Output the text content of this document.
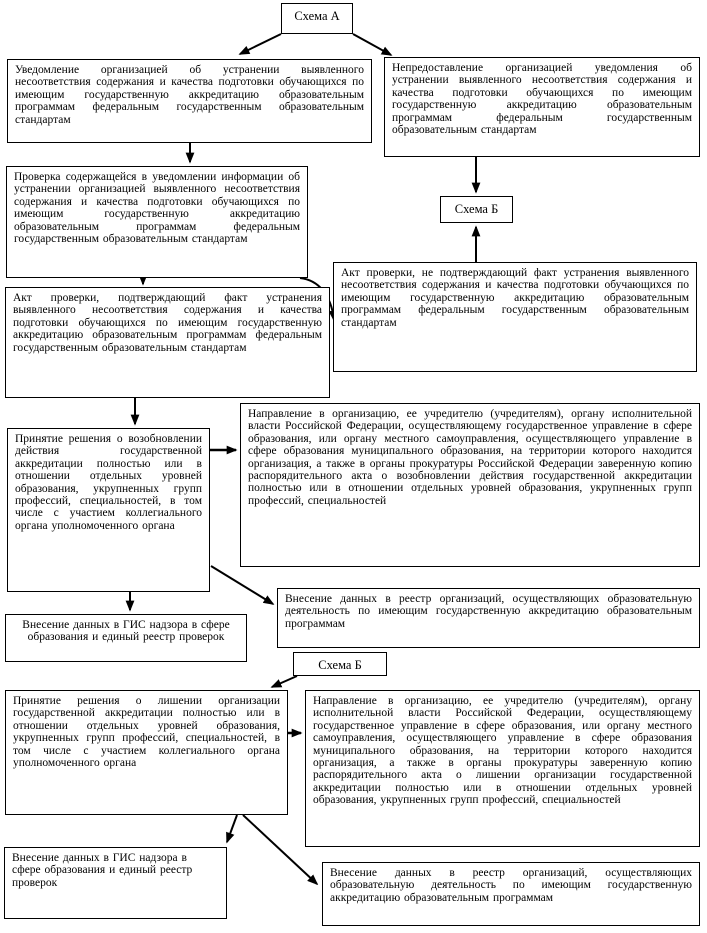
Схема А
Уведомление организацией об устранении выявленного несоответствия содержания и качества подготовки обучающихся по имеющим государственную аккредитацию образовательным программам федеральным государственным образовательным стандартам
Непредоставление организацией уведомления об устранении выявленного несоответствия содержания и качества подготовки обучающихся по имеющим государственную аккредитацию образовательным программам федеральным государственным образовательным стандартам
Проверка содержащейся в уведомлении информации об устранении организацией выявленного несоответствия содержания и качества подготовки обучающихся по имеющим государственную аккредитацию образовательным программам федеральным государственным образовательным стандартам
Схема Б
Акт проверки, не подтверждающий факт устранения выявленного несоответствия содержания и качества подготовки обучающихся по имеющим государственную аккредитацию образовательным программам федеральным государственным образовательным стандартам
Акт проверки, подтверждающий факт устранения выявленного несоответствия содержания и качества подготовки обучающихся по имеющим государственную аккредитацию образовательным программам федеральным государственным образовательным стандартам
Принятие решения о возобновлении действия государственной аккредитации полностью или в отношении отдельных уровней образования, укрупненных групп профессий, специальностей, в том числе с участием коллегиального органа уполномоченного органа
Направление в организацию, ее учредителю (учредителям), органу исполнительной власти Российской Федерации, осуществляющему государственное управление в сфере образования, или органу местного самоуправления, осуществляющего управление в сфере образования муниципального образования, на территории которого находится организация, а также в органы прокуратуры Российской Федерации заверенную копию распорядительного акта о возобновлении действия государственной аккредитации полностью или в отношении отдельных уровней образования, укрупненных групп профессий, специальностей
Внесение данных в ГИС надзора в сфере образования и единый реестр проверок
Внесение данных в реестр организаций, осуществляющих образовательную деятельность по имеющим государственную аккредитацию образовательным программам
Схема Б
Принятие решения о лишении организации государственной аккредитации полностью или в отношении отдельных уровней образования, укрупненных групп профессий, специальностей, в том числе с участием коллегиального органа уполномоченного органа
Направление в организацию, ее учредителю (учредителям), органу исполнительной власти Российской Федерации, осуществляющему государственное управление в сфере образования, или органу местного самоуправления, осуществляющего управление в сфере образования муниципального образования, на территории которого находится организация, а также в органы прокуратуры заверенную копию распорядительного акта о лишении организации государственной аккредитации полностью или в отношении отдельных уровней образования, укрупненных групп профессий, специальностей
Внесение данных в ГИС надзора в сфере образования и единый реестр проверок
Внесение данных в реестр организаций, осуществляющих образовательную деятельность по имеющим государственную аккредитацию образовательным программам
